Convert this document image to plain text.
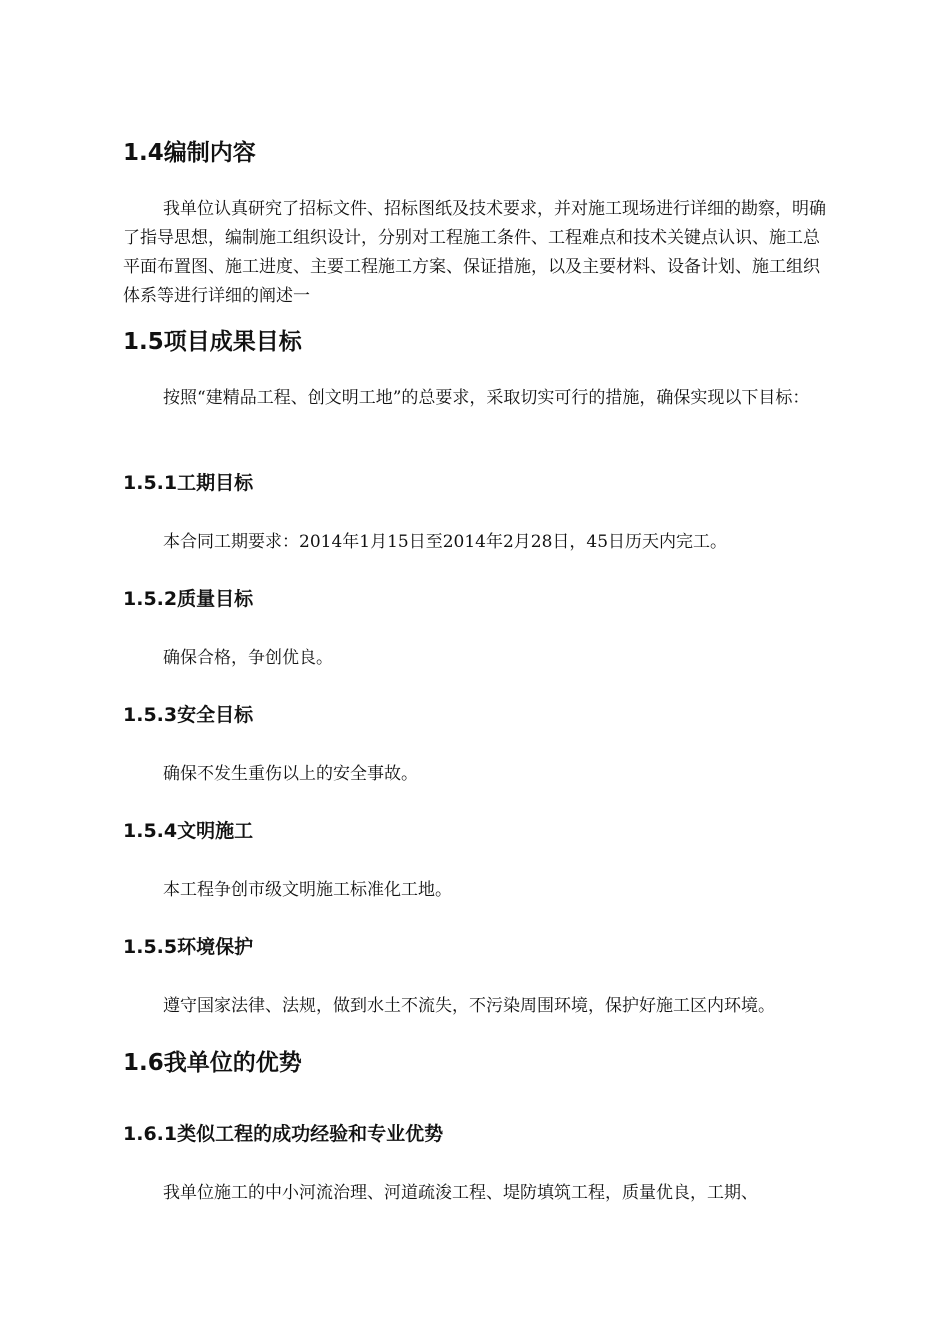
1.4编制内容

我单位认真研究了招标文件、招标图纸及技术要求，并对施工现场进行详细的勘察，明确了指导思想，编制施工组织设计，分别对工程施工条件、工程难点和技术关键点认识、施工总平面布置图、施工进度、主要工程施工方案、保证措施，以及主要材料、设备计划、施工组织体系等进行详细的阐述一

1.5项目成果目标

按照“建精品工程、创文明工地”的总要求，采取切实可行的措施，确保实现以下目标：

1.5.1工期目标

本合同工期要求：2014年1月15日至2014年2月28日，45日历天内完工。

1.5.2质量目标

确保合格，争创优良。

1.5.3安全目标

确保不发生重伤以上的安全事故。

1.5.4文明施工

本工程争创市级文明施工标准化工地。

1.5.5环境保护

遵守国家法律、法规，做到水土不流失，不污染周围环境，保护好施工区内环境。

1.6我单位的优势
1.6.1类似工程的成功经验和专业优势

我单位施工的中小河流治理、河道疏浚工程、堤防填筑工程，质量优良，工期、
